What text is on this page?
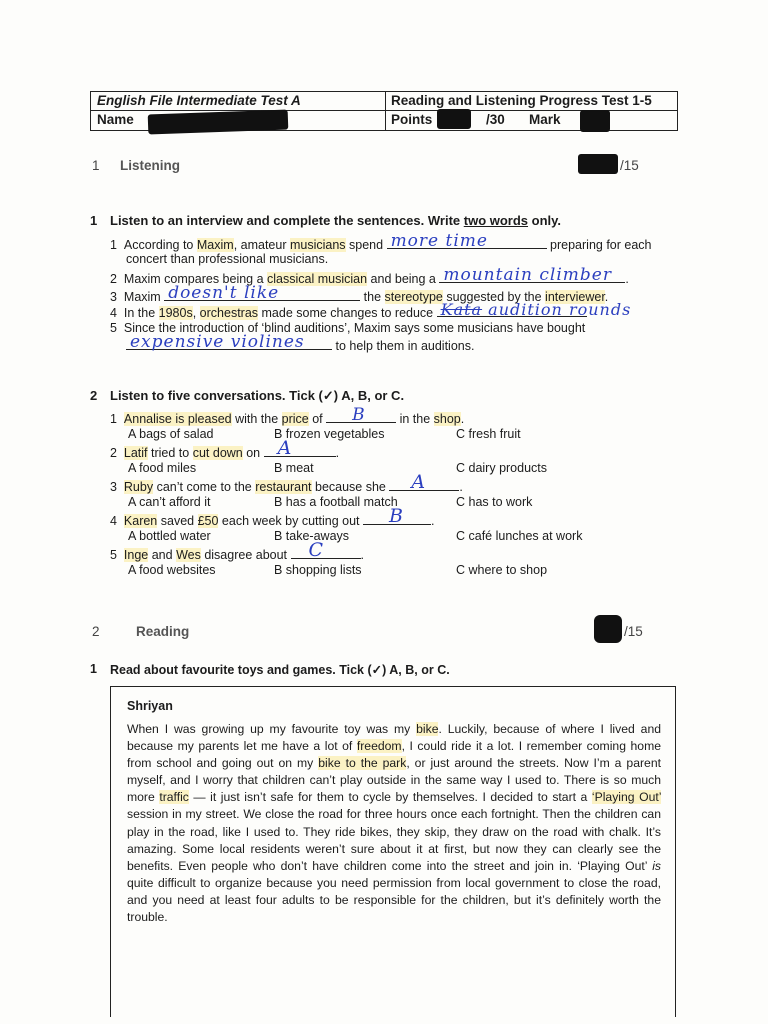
English File Intermediate Test A	Reading and Listening Progress Test 1-5
Name	Points	/30 Mark
1 Listening	/15
1 Listen to an interview and complete the sentences. Write two words only.
1 According to Maxim, amateur musicians spend more time	preparing for each
concert than professional musicians.
2 Maxim compares being a classical musician and being a mountain climber .
3 Maxim doesn't like	the stereotype suggested by the interviewer.
4 In the 1980s, orchestras made some changes to reduce Kata audition rounds
5 Since the introduction of ‘blind auditions’, Maxim says some musicians have bought
expensive violines to help them in auditions.
2 Listen to five conversations. Tick (✓) A, B, or C.
1 Annalise is pleased with the price of B in the shop.
A bags of salad	B frozen vegetables	C fresh fruit
2 Latif tried to cut down on A	.
A food miles	B meat	C dairy products
3 Ruby can’t come to the restaurant because she A	.
A can’t afford it	B has a football match	C has to work
4 Karen saved £50 each week by cutting out B .
A bottled water	B take-aways	C café lunches at work
5 Inge and Wes disagree about C	.
A food websites	B shopping lists	C where to shop
2	Reading	/15
1 Read about favourite toys and games. Tick (✓) A, B, or C.
Shriyan
When I was growing up my favourite toy was my bike. Luckily, because of where I lived and because my parents let me have a lot of freedom, I could ride it a lot. I remember coming home from school and going out on my bike to the park, or just around the streets. Now I’m a parent myself, and I worry that children can’t play outside in the same way I used to. There is so much more traffic — it just isn’t safe for them to cycle by themselves. I decided to start a ‘Playing Out’ session in my street. We close the road for three hours once each fortnight. Then the children can play in the road, like I used to. They ride bikes, they skip, they draw on the road with chalk. It’s amazing. Some local residents weren’t sure about it at first, but now they can clearly see the benefits. Even people who don’t have children come into the street and join in. ‘Playing Out’ is quite difficult to organize because you need permission from local government to close the road, and you need at least four adults to be responsible for the children, but it’s definitely worth the trouble.
